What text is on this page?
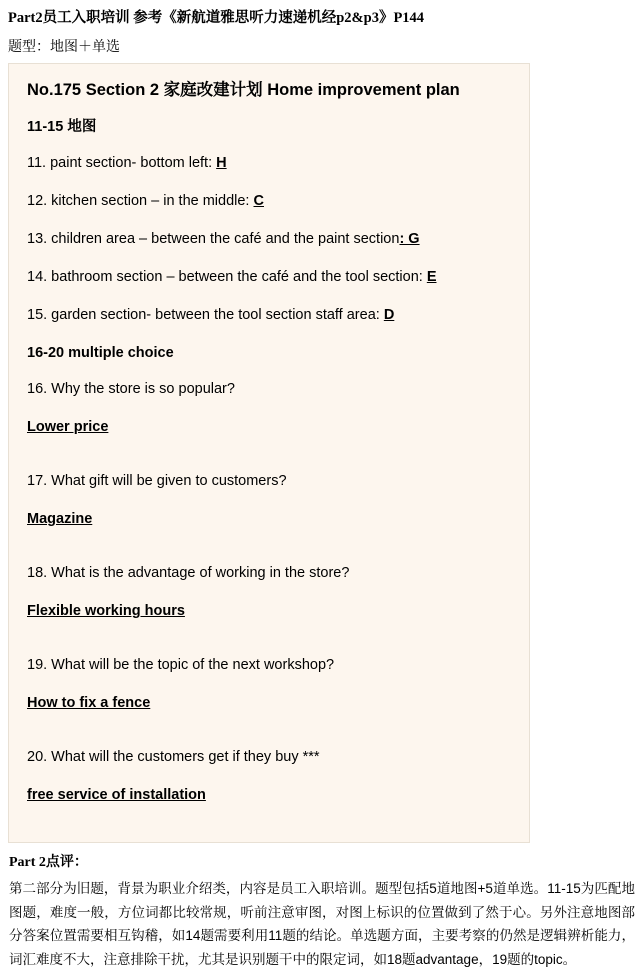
Part2员工入职培训 参考《新航道雅思听力速递机经p2&p3》P144
题型：地图＋单选
No.175 Section 2 家庭改建计划 Home improvement plan
11-15 地图
11. paint section- bottom left: H
12. kitchen section – in the middle: C
13. children area – between the café and the paint section: G
14. bathroom section – between the café and the tool section: E
15. garden section- between the tool section staff area: D
16-20 multiple choice
16. Why the store is so popular?
Lower price
17. What gift will be given to customers?
Magazine
18. What is the advantage of working in the store?
Flexible working hours
19. What will be the topic of the next workshop?
How to fix a fence
20. What will the customers get if they buy ***
free service of installation
Part 2点评：
第二部分为旧题，背景为职业介绍类，内容是员工入职培训。题型包括5道地图+5道单选。11-15为匹配地图题，难度一般，方位词都比较常规，听前注意审图，对图上标识的位置做到了然于心。另外注意地图部分答案位置需要相互钩稽，如14题需要利用11题的结论。单选题方面，主要考察的仍然是逻辑辨析能力，词汇难度不大，注意排除干扰，尤其是识别题干中的限定词，如18题advantage，19题的topic。
